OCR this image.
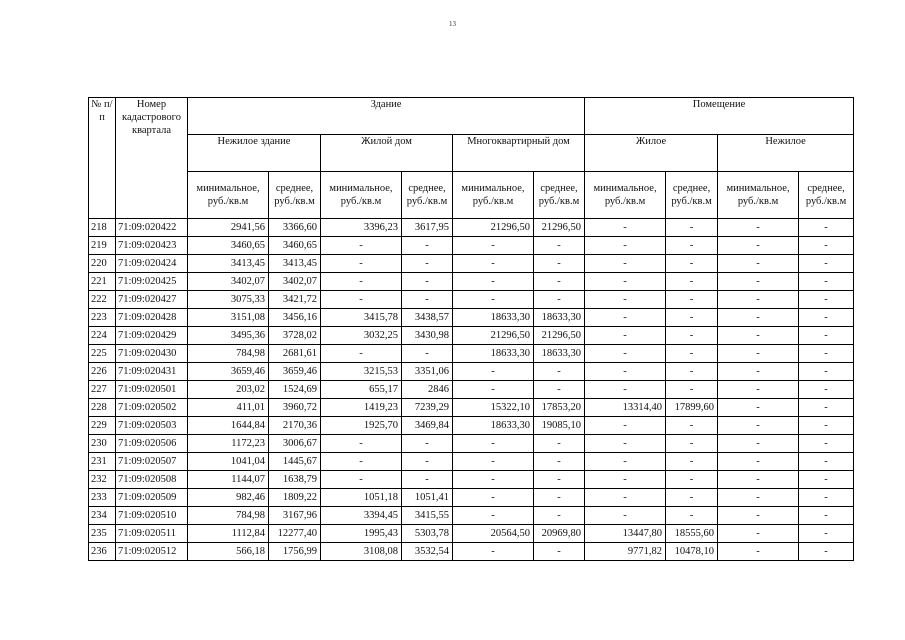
13
№ п/п	Номер кадастрового квартала	Здание						Помещение			
		Нежилое здание		Жилой дом		Многоквартирный дом		Жилое		Нежилое	
		минимальное, руб./кв.м	среднее, руб./кв.м	минимальное, руб./кв.м	среднее, руб./кв.м	минимальное, руб./кв.м	среднее, руб./кв.м	минимальное, руб./кв.м	среднее, руб./кв.м	минимальное, руб./кв.м	среднее, руб./кв.м
218	71:09:020422	2941,56	3366,60	3396,23	3617,95	21296,50	21296,50	-	-	-	-
219	71:09:020423	3460,65	3460,65	-	-	-	-	-	-	-	-
220	71:09:020424	3413,45	3413,45	-	-	-	-	-	-	-	-
221	71:09:020425	3402,07	3402,07	-	-	-	-	-	-	-	-
222	71:09:020427	3075,33	3421,72	-	-	-	-	-	-	-	-
223	71:09:020428	3151,08	3456,16	3415,78	3438,57	18633,30	18633,30	-	-	-	-
224	71:09:020429	3495,36	3728,02	3032,25	3430,98	21296,50	21296,50	-	-	-	-
225	71:09:020430	784,98	2681,61	-	-	18633,30	18633,30	-	-	-	-
226	71:09:020431	3659,46	3659,46	3215,53	3351,06	-	-	-	-	-	-
227	71:09:020501	203,02	1524,69	655,17	2846	-	-	-	-	-	-
228	71:09:020502	411,01	3960,72	1419,23	7239,29	15322,10	17853,20	13314,40	17899,60	-	-
229	71:09:020503	1644,84	2170,36	1925,70	3469,84	18633,30	19085,10	-	-	-	-
230	71:09:020506	1172,23	3006,67	-	-	-	-	-	-	-	-
231	71:09:020507	1041,04	1445,67	-	-	-	-	-	-	-	-
232	71:09:020508	1144,07	1638,79	-	-	-	-	-	-	-	-
233	71:09:020509	982,46	1809,22	1051,18	1051,41	-	-	-	-	-	-
234	71:09:020510	784,98	3167,96	3394,45	3415,55	-	-	-	-	-	-
235	71:09:020511	1112,84	12277,40	1995,43	5303,78	20564,50	20969,80	13447,80	18555,60	-	-
236	71:09:020512	566,18	1756,99	3108,08	3532,54	-	-	9771,82	10478,10	-	-
